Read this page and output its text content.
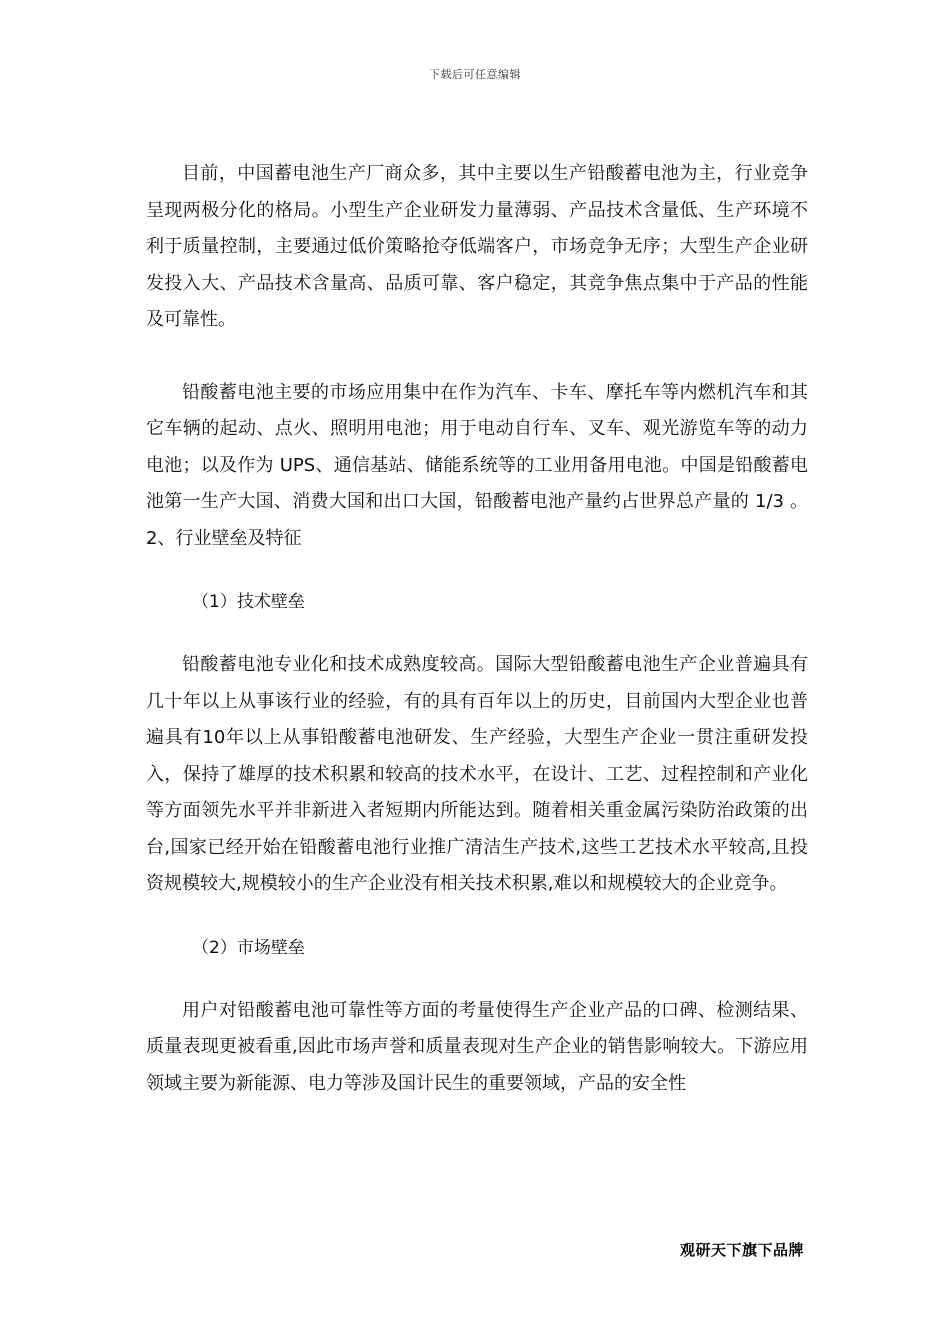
下载后可任意编辑

目前，中国蓄电池生产厂商众多，其中主要以生产铅酸蓄电池为主，行业竞争呈现两极分化的格局。小型生产企业研发力量薄弱、产品技术含量低、生产环境不利于质量控制，主要通过低价策略抢夺低端客户，市场竞争无序；大型生产企业研发投入大、产品技术含量高、品质可靠、客户稳定，其竞争焦点集中于产品的性能及可靠性。

铅酸蓄电池主要的市场应用集中在作为汽车、卡车、摩托车等内燃机汽车和其它车辆的起动、点火、照明用电池；用于电动自行车、叉车、观光游览车等的动力电池；以及作为 UPS、通信基站、储能系统等的工业用备用电池。中国是铅酸蓄电池第一生产大国、消费大国和出口大国，铅酸蓄电池产量约占世界总产量的 1/3 。 2、行业壁垒及特征

（1）技术壁垒

铅酸蓄电池专业化和技术成熟度较高。国际大型铅酸蓄电池生产企业普遍具有几十年以上从事该行业的经验，有的具有百年以上的历史，目前国内大型企业也普遍具有10年以上从事铅酸蓄电池研发、生产经验，大型生产企业一贯注重研发投入，保持了雄厚的技术积累和较高的技术水平，在设计、工艺、过程控制和产业化等方面领先水平并非新进入者短期内所能达到。随着相关重金属污染防治政策的出台,国家已经开始在铅酸蓄电池行业推广清洁生产技术,这些工艺技术水平较高,且投资规模较大,规模较小的生产企业没有相关技术积累,难以和规模较大的企业竞争。

（2）市场壁垒

用户对铅酸蓄电池可靠性等方面的考量使得生产企业产品的口碑、检测结果、质量表现更被看重,因此市场声誉和质量表现对生产企业的销售影响较大。下游应用领域主要为新能源、电力等涉及国计民生的重要领域，产品的安全性

观研天下旗下品牌
